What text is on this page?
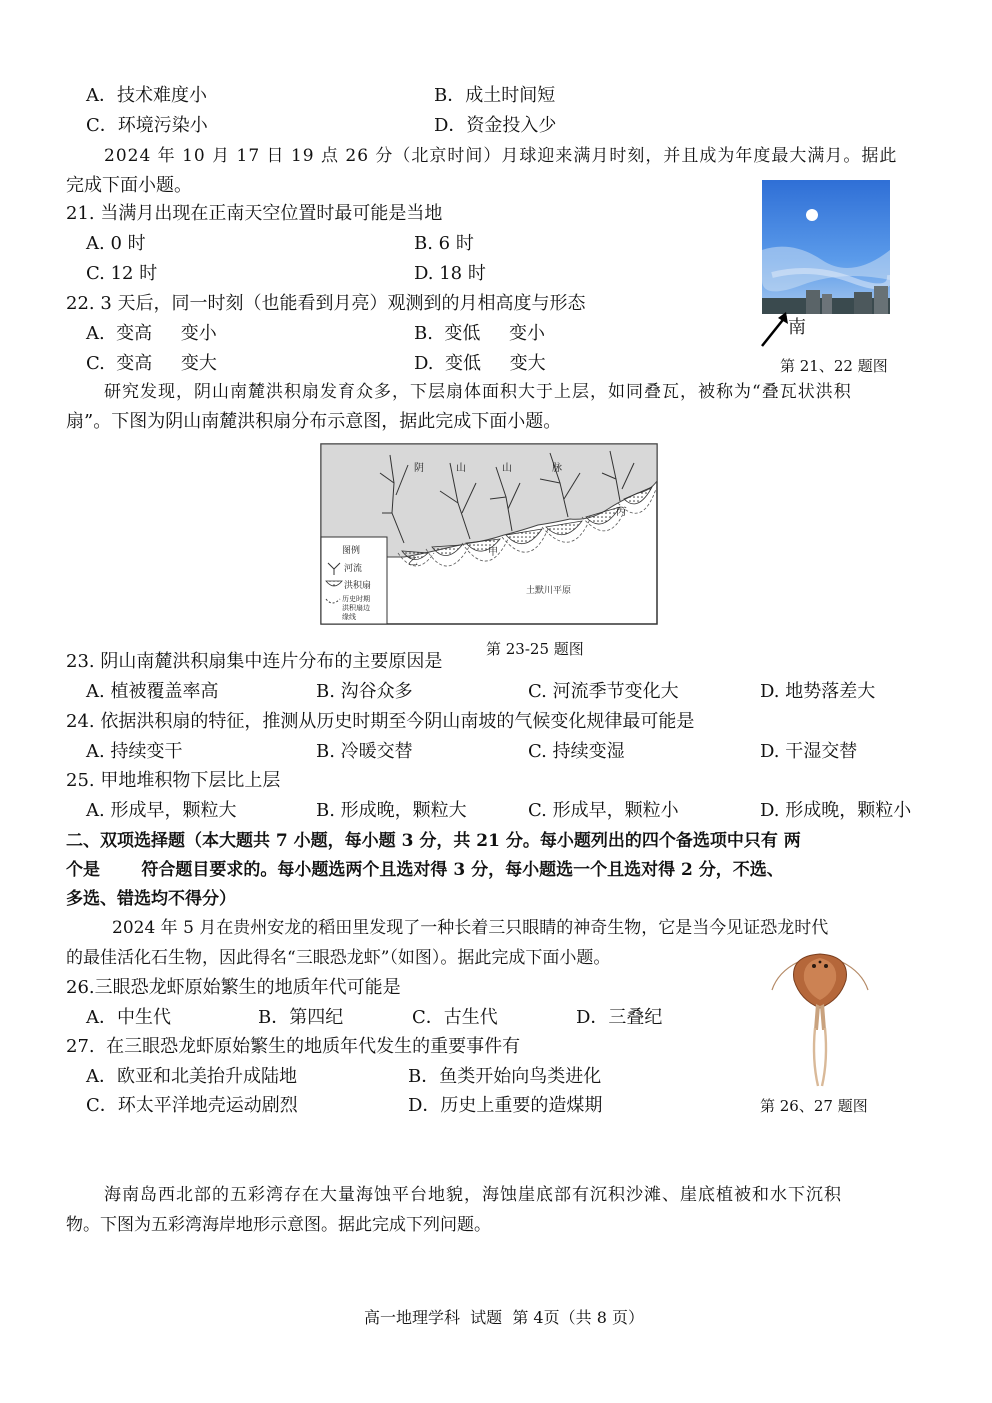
A．技术难度小	B．成土时间短
C．环境污染小	D．资金投入少
2024 年 10 月 17 日 19 点 26 分（北京时间）月球迎来满月时刻，并且成为年度最大满月。据此
完成下面小题。
21. 当满月出现在正南天空位置时最可能是当地
A. 0 时	B. 6 时
C. 12 时	D. 18 时
22. 3 天后，同一时刻（也能看到月亮）观测到的月相高度与形态
A.  变高     变小	B.  变低     变小
C.  变高     变大	D.  变低     变大
南
第 21、22 题图
研究发现，阴山南麓洪积扇发育众多，下层扇体面积大于上层，如同叠瓦，被称为“叠瓦状洪积
扇”。下图为阴山南麓洪积扇分布示意图，据此完成下面小题。
阴	山	山	脉
甲
乙
丙
土默川平原
图例
河流
洪积扇
历史时期
洪积扇边
缘线
第 23-25 题图
23. 阴山南麓洪积扇集中连片分布的主要原因是
A. 植被覆盖率高	B. 沟谷众多	C. 河流季节变化大	D. 地势落差大
24. 依据洪积扇的特征，推测从历史时期至今阴山南坡的气候变化规律最可能是
A. 持续变干	B. 冷暖交替	C. 持续变湿	D. 干湿交替
25. 甲地堆积物下层比上层
A. 形成早，颗粒大	B. 形成晚，颗粒大	C. 形成早，颗粒小	D. 形成晚，颗粒小
二、双项选择题（本大题共 7 小题，每小题 3 分，共 21 分。每小题列出的四个备选项中只有 两
个是       符合题目要求的。每小题选两个且选对得 3 分，每小题选一个且选对得 2 分，不选、
多选、错选均不得分）
2024 年 5 月在贵州安龙的稻田里发现了一种长着三只眼睛的神奇生物，它是当今见证恐龙时代
的最佳活化石生物，因此得名“三眼恐龙虾”（如图）。据此完成下面小题。
26.三眼恐龙虾原始繁生的地质年代可能是
A．中生代	B．第四纪	C．古生代	D．三叠纪
27.  在三眼恐龙虾原始繁生的地质年代发生的重要事件有
A．欧亚和北美抬升成陆地	B．鱼类开始向鸟类进化
C．环太平洋地壳运动剧烈	D．历史上重要的造煤期	第 26、27 题图
海南岛西北部的五彩湾存在大量海蚀平台地貌，海蚀崖底部有沉积沙滩、崖底植被和水下沉积
物。下图为五彩湾海岸地形示意图。据此完成下列问题。
高一地理学科  试题  第 4页（共 8 页）
